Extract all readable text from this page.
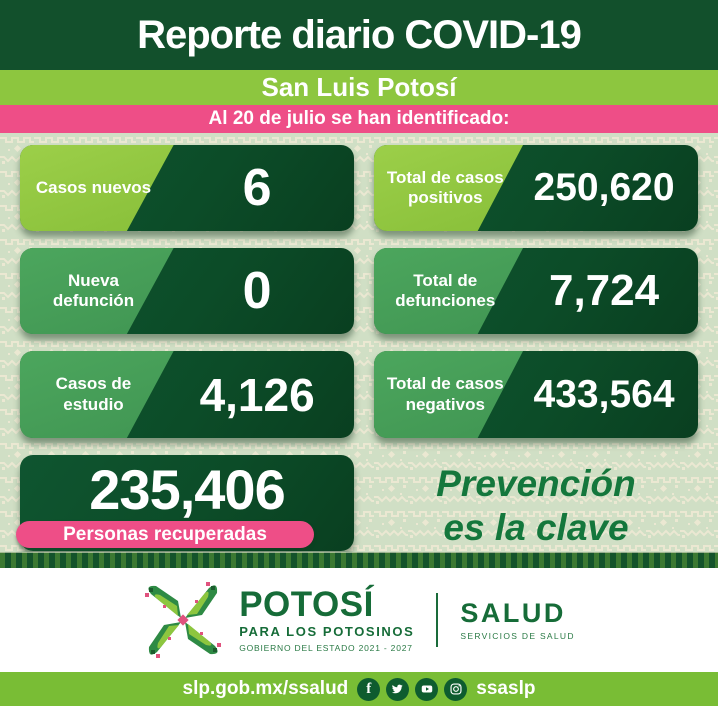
Reporte diario COVID-19
San Luis Potosí
Al 20 de julio se han identificado:
Casos nuevos	6	Total de casos positivos	250,620
Nueva defunción	0	Total de defunciones	7,724
Casos de estudio	4,126	Total de casos negativos	433,564
235,406
Personas recuperadas
Prevención
es la clave
POTOSÍ
PARA LOS POTOSINOS
GOBIERNO DEL ESTADO 2021 - 2027
SALUD
SERVICIOS DE SALUD
slp.gob.mx/ssalud f	ssaslp
